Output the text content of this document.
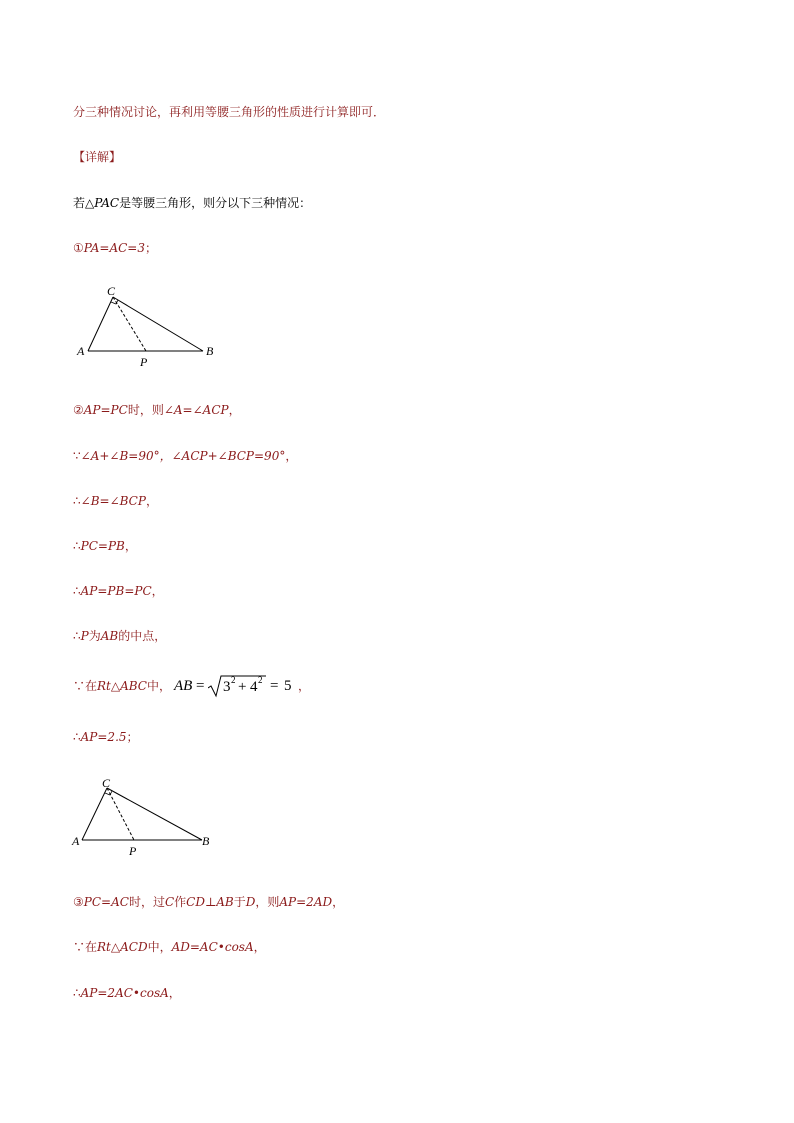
分三种情况讨论，再利用等腰三角形的性质进行计算即可．
【详解】
若△PAC是等腰三角形，则分以下三种情况：
①PA=AC=3；
C
A	B
P
②AP=PC时，则∠A=∠ACP，
∵∠A+∠B=90°，∠ACP+∠BCP=90°，
∴∠B=∠BCP，
∴PC=PB，
∴AP=PB=PC，
∴P为AB的中点，
∵在Rt△ABC中， AB = 3 2 + 4 2 = 5 ，
∴AP=2.5；
C
A	B
P
③PC=AC时，过C作CD⊥AB于D，则AP=2AD，
∵在Rt△ACD中，AD=AC•cosA，
∴AP=2AC•cosA，
